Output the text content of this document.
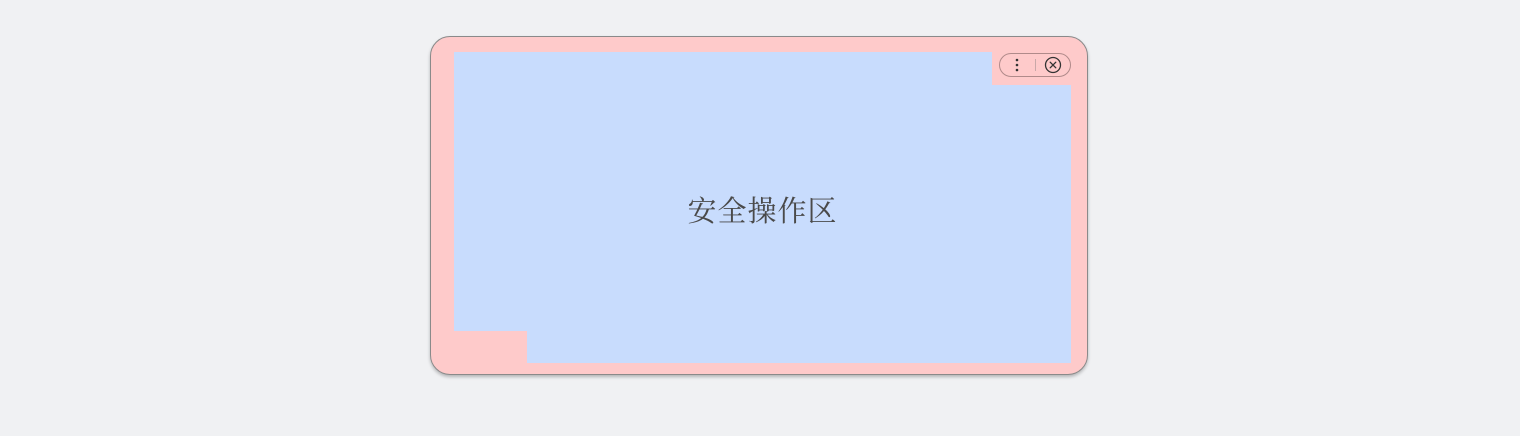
安全操作区
